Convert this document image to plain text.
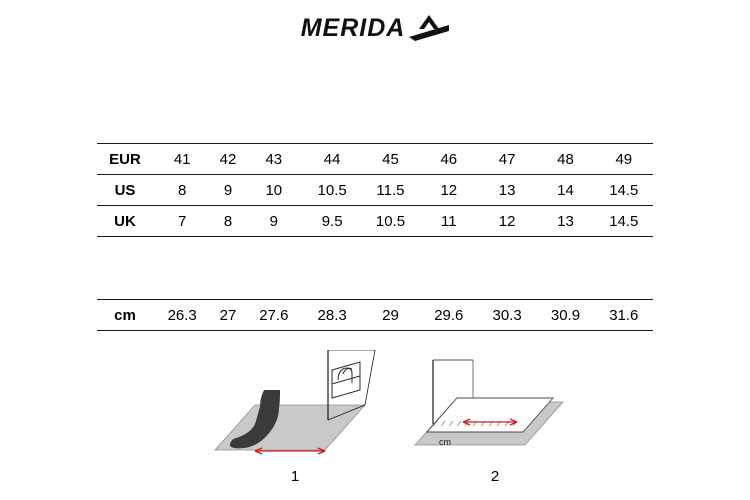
MERIDA
EUR	41	42	43	44	45	46	47	48	49
US	8	9	10	10.5	11.5	12	13	14	14.5
UK	7	8	9	9.5	10.5	11	12	13	14.5

cm	26.3	27	27.6	28.3	29	29.6	30.3	30.9	31.6
1
cm
2
